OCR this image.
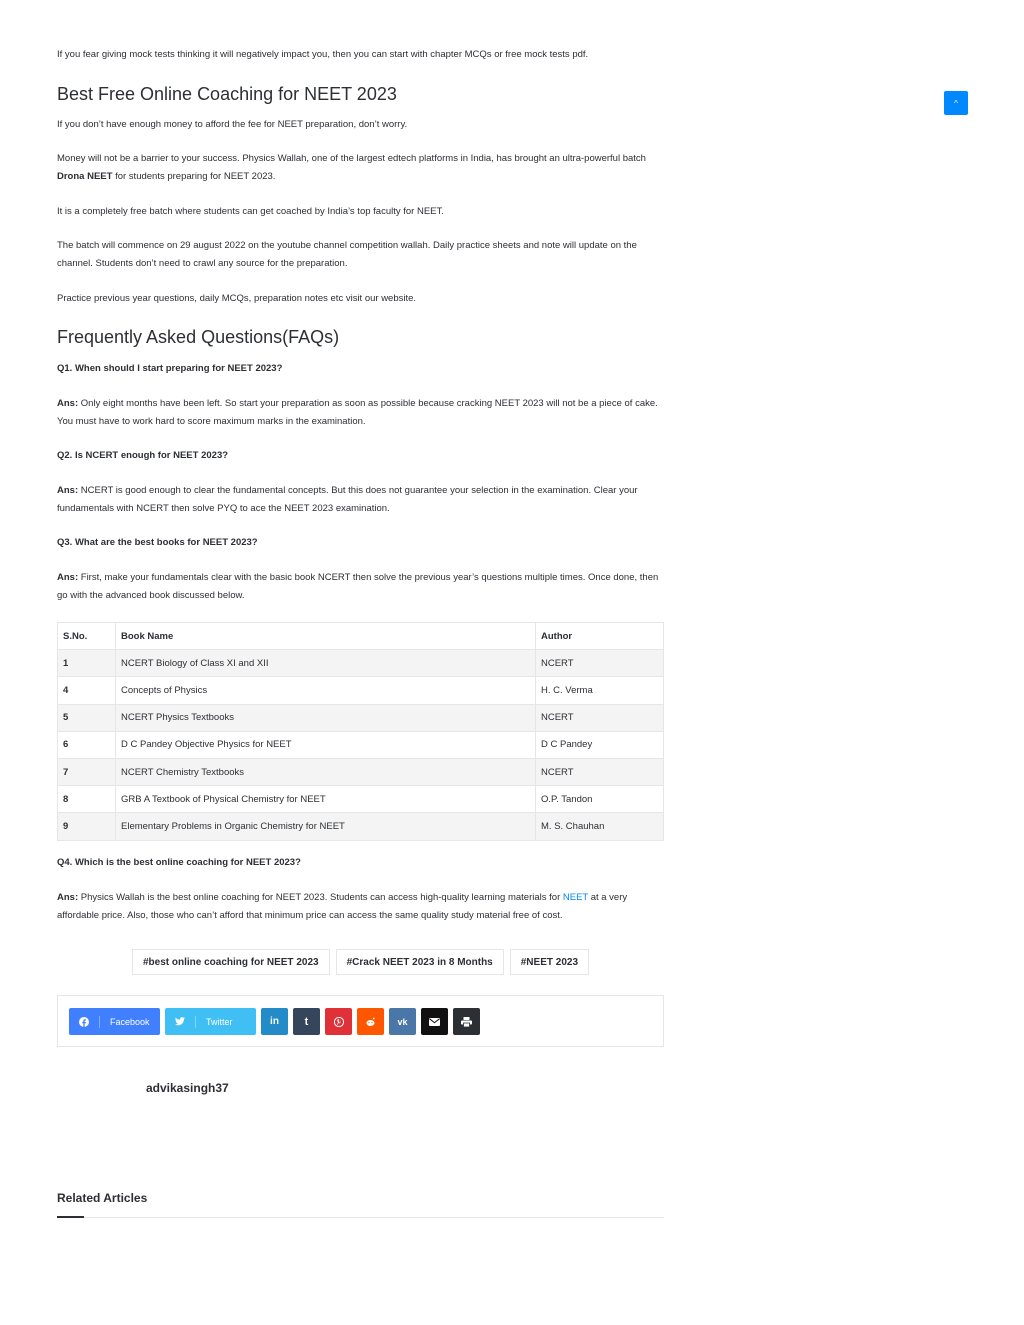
If you fear giving mock tests thinking it will negatively impact you, then you can start with chapter MCQs or free mock tests pdf.

Best Free Online Coaching for NEET 2023

If you don’t have enough money to afford the fee for NEET preparation, don’t worry.

Money will not be a barrier to your success. Physics Wallah, one of the largest edtech platforms in India, has brought an ultra-powerful batch Drona NEET for students preparing for NEET 2023.

It is a completely free batch where students can get coached by India’s top faculty for NEET.

The batch will commence on 29 august 2022 on the youtube channel competition wallah. Daily practice sheets and note will update on the channel. Students don’t need to crawl any source for the preparation.

Practice previous year questions, daily MCQs, preparation notes etc visit our website.

Frequently Asked Questions(FAQs)
Q1. When should I start preparing for NEET 2023?

Ans: Only eight months have been left. So start your preparation as soon as possible because cracking NEET 2023 will not be a piece of cake. You must have to work hard to score maximum marks in the examination.

Q2. Is NCERT enough for NEET 2023?

Ans: NCERT is good enough to clear the fundamental concepts. But this does not guarantee your selection in the examination. Clear your fundamentals with NCERT then solve PYQ to ace the NEET 2023 examination.

Q3. What are the best books for NEET 2023?

Ans: First, make your fundamentals clear with the basic book NCERT then solve the previous year’s questions multiple times. Once done, then go with the advanced book discussed below.

S.No.	Book Name	Author
1	NCERT Biology of Class XI and XII	NCERT
4	Concepts of Physics	H. C. Verma
5	NCERT Physics Textbooks	NCERT
6	D C Pandey Objective Physics for NEET	D C Pandey
7	NCERT Chemistry Textbooks	NCERT
8	GRB A Textbook of Physical Chemistry for NEET	O.P. Tandon
9	Elementary Problems in Organic Chemistry for NEET	M. S. Chauhan
Q4. Which is the best online coaching for NEET 2023?

Ans: Physics Wallah is the best online coaching for NEET 2023. Students can access high-quality learning materials for NEET at a very affordable price. Also, those who can’t afford that minimum price can access the same quality study material free of cost.

#best online coaching for NEET 2023	#Crack NEET 2023 in 8 Months	#NEET 2023
Facebook	Twitter	in t	vk
advikasingh37
Related Articles
^
